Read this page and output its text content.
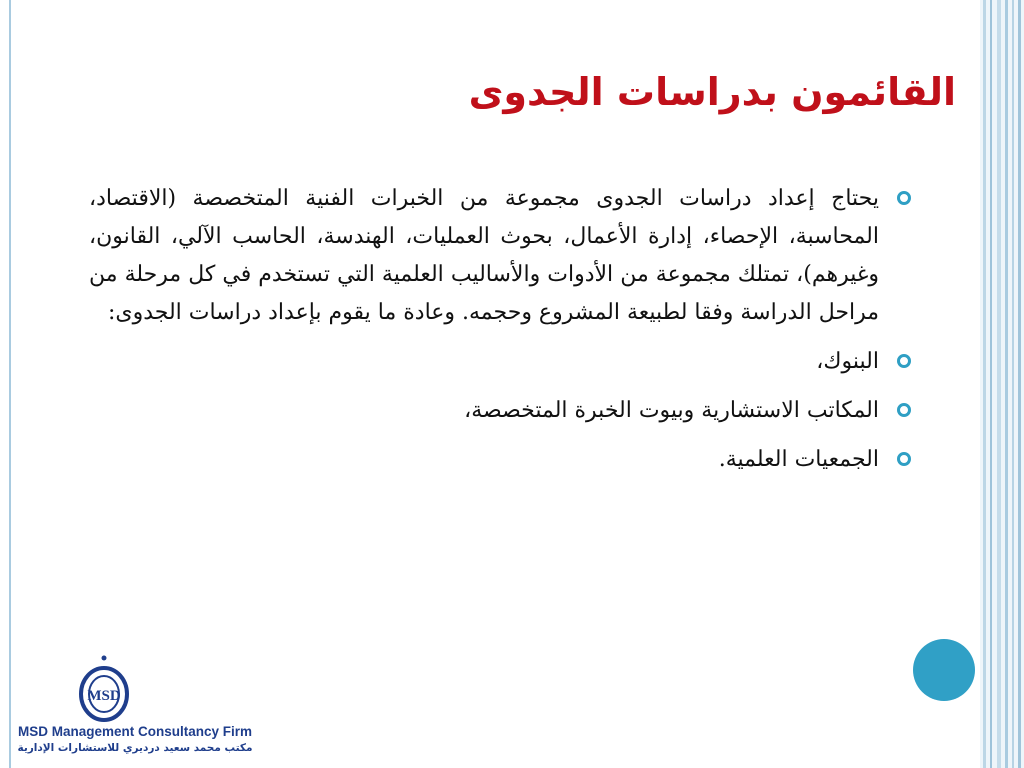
القائمون بدراسات الجدوى
يحتاج إعداد دراسات الجدوى مجموعة من الخبرات الفنية المتخصصة (الاقتصاد، المحاسبة، الإحصاء، إدارة الأعمال، بحوث العمليات، الهندسة، الحاسب الآلي، القانون، وغيرهم)، تمتلك مجموعة من الأدوات والأساليب العلمية التي تستخدم في كل مرحلة من مراحل الدراسة وفقا لطبيعة المشروع وحجمه. وعادة ما يقوم بإعداد دراسات الجدوى:
البنوك،
المكاتب الاستشارية وبيوت الخبرة المتخصصة،
الجمعيات العلمية.
MSD
MSD Management Consultancy Firm
مكتب محمد سعيد درديري للاستشارات الإدارية
